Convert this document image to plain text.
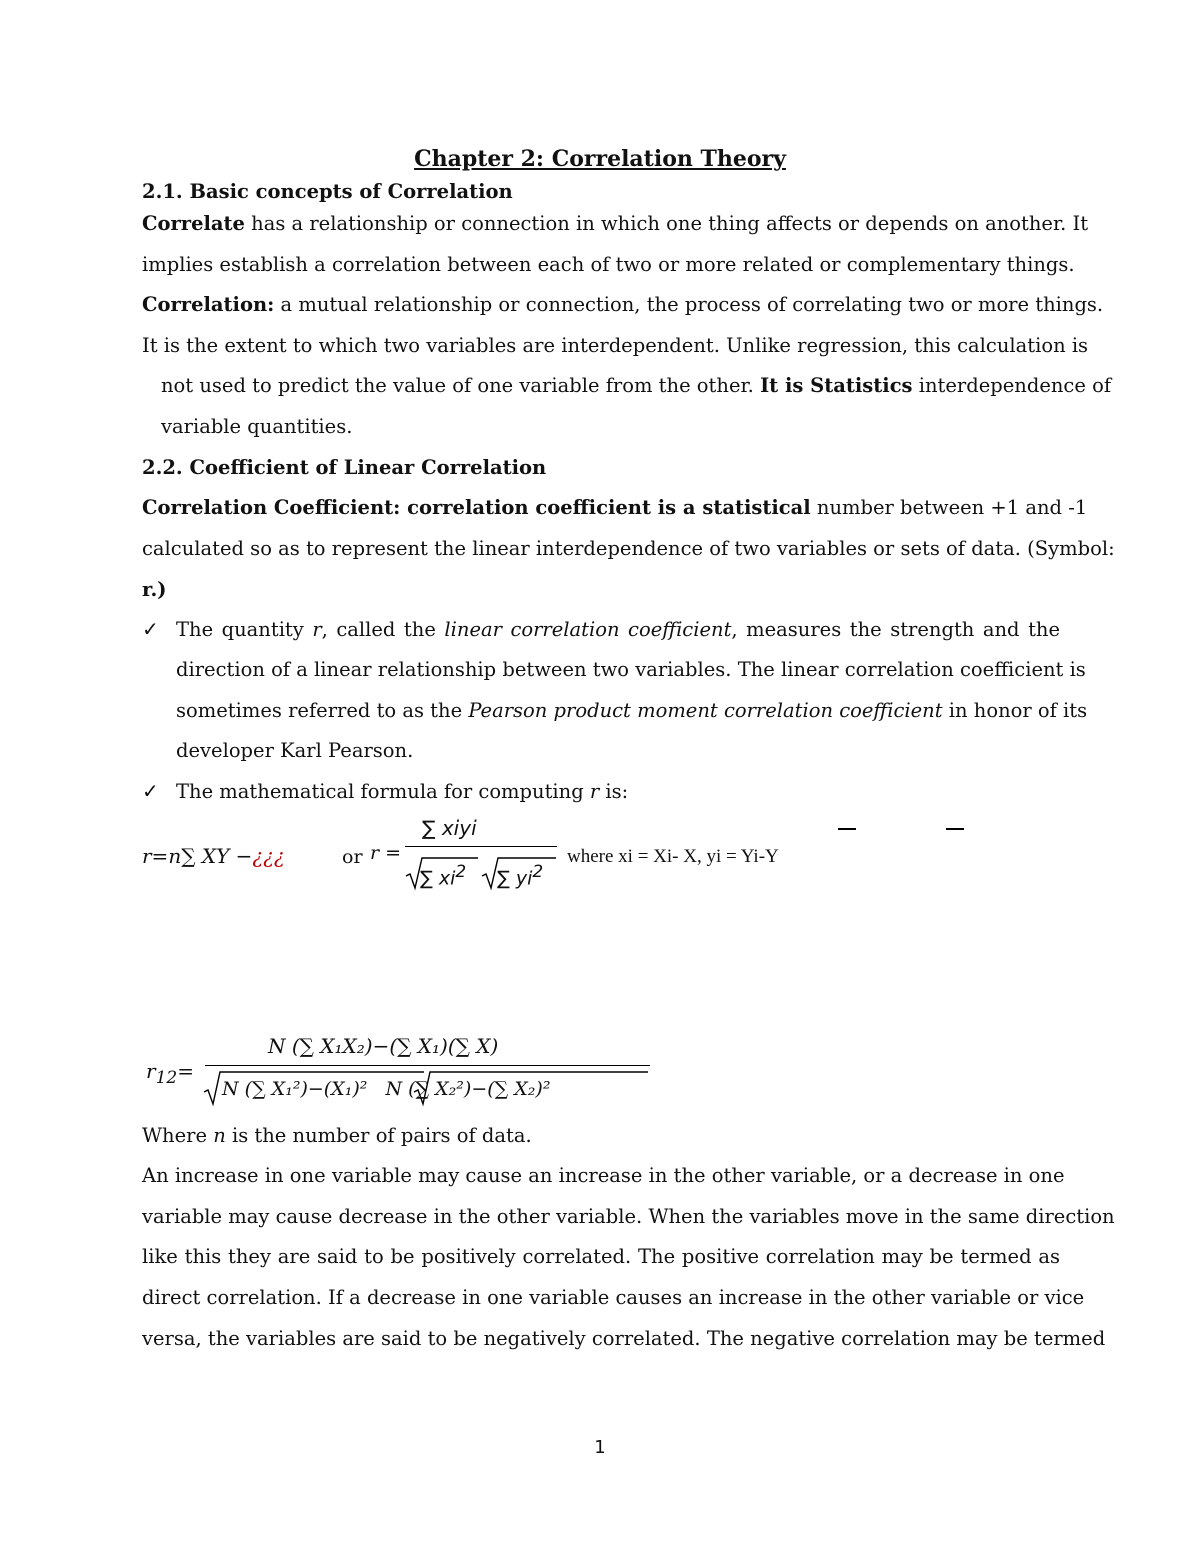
Chapter 2: Correlation Theory
2.1. Basic concepts of Correlation
Correlate has a relationship or connection in which one thing affects or depends on another. It
implies establish a correlation between each of two or more related or complementary things.
Correlation: a mutual relationship or connection, the process of correlating two or more things.
It is the extent to which two variables are interdependent. Unlike regression, this calculation is
not used to predict the value of one variable from the other. It is Statistics interdependence of
variable quantities.
2.2. Coefficient of Linear Correlation
Correlation Coefficient: correlation coefficient is a statistical number between +1 and -1
calculated so as to represent the linear interdependence of two variables or sets of data. (Symbol:
r.)
✓ The quantity r, called the linear correlation coefficient, measures the strength and the
direction of a linear relationship between two variables. The linear correlation coefficient is
sometimes referred to as the Pearson product moment correlation coefficient in honor of its
developer Karl Pearson.
✓ The mathematical formula for computing r is:
r=n∑ XY −¿¿¿	or r =
∑ xiyi
∑ $xi^2$ ∑ $yi^2$
where xi = Xi- X, yi = Yi-Y
$r_{12}=$
N (∑ X₁X₂)−(∑ X₁)(∑ X)
N (∑ X₁²)−(X₁)²   N (∑ X₂²)−(∑ X₂)²
Where n is the number of pairs of data.
An increase in one variable may cause an increase in the other variable, or a decrease in one
variable may cause decrease in the other variable. When the variables move in the same direction
like this they are said to be positively correlated. The positive correlation may be termed as
direct correlation. If a decrease in one variable causes an increase in the other variable or vice
versa, the variables are said to be negatively correlated. The negative correlation may be termed
1
